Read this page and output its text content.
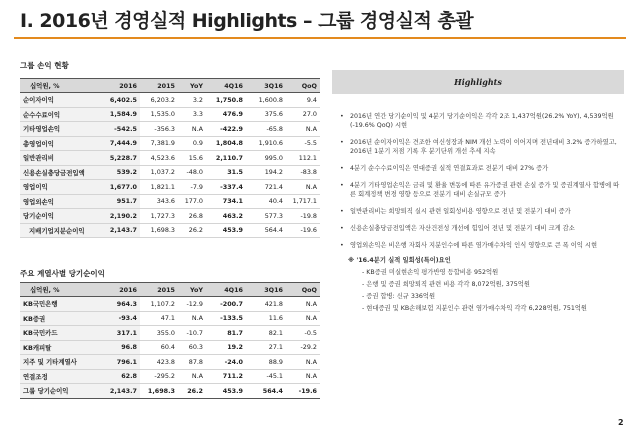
Ⅰ. 2016년 경영실적 Highlights – 그룹 경영실적 총괄
그룹 손익 현황
십억원, %	2016	2015	YoY	4Q16	3Q16	QoQ
순이자이익	6,402.5	6,203.2	3.2	1,750.8	1,600.8	9.4
순수수료이익	1,584.9	1,535.0	3.3	476.9	375.6	27.0
기타영업손익	-542.5	-356.3	N.A	-422.9	-65.8	N.A
총영업이익	7,444.9	7,381.9	0.9	1,804.8	1,910.6	-5.5
일반관리비	5,228.7	4,523.6	15.6	2,110.7	995.0	112.1
신용손실충당금전입액	539.2	1,037.2	-48.0	31.5	194.2	-83.8
영업이익	1,677.0	1,821.1	-7.9	-337.4	721.4	N.A
영업외손익	951.7	343.6	177.0	734.1	40.4	1,717.1
당기순이익	2,190.2	1,727.3	26.8	463.2	577.3	-19.8
지배기업지분순이익	2,143.7	1,698.3	26.2	453.9	564.4	-19.6
주요 계열사별 당기순이익
십억원, %	2016	2015	YoY	4Q16	3Q16	QoQ
KB국민은행	964.3	1,107.2	-12.9	-200.7	421.8	N.A
KB증권	-93.4	47.1	N.A	-133.5	11.6	N.A
KB국민카드	317.1	355.0	-10.7	81.7	82.1	-0.5
KB캐피탈	96.8	60.4	60.3	19.2	27.1	-29.2
지주 및 기타계열사	796.1	423.8	87.8	-24.0	88.9	N.A
연결조정	62.8	-295.2	N.A	711.2	-45.1	N.A
그룹 당기순이익	2,143.7	1,698.3	26.2	453.9	564.4	-19.6
Highlights
• 2016년 연간 당기순이익 및 4분기 당기순이익은 각각 2조 1,437억원(26.2% YoY), 4,539억원(-19.6% QoQ) 시현
• 2016년 순이자이익은 견조한 여신성장과 NIM 개선 노력이 이어지며 전년대비 3.2% 증가하였고, 2016년 1분기 저점 기록 후 분기단위 개선 추세 지속
• 4분기 순수수료이익은 연대증권 실적 연결효과로 전분기 대비 27% 증가
• 4분기 기타영업손익은 금리 및 환율 변동에 따른 유가증권 관련 손실 증가 및 증권계열사 합병에 따른 회계정책 변경 영향 등으로 전분기 대비 손실규모 증가
• 일반관리비는 희망퇴직 실시 관련 일회성비용 영향으로 전년 및 전분기 대비 증가
• 신용손실충당금전입액은 자산건전성 개선에 힘입어 전년 및 전분기 대비 크게 감소
• 영업외손익은 비은행 자회사 지분인수에 따른 염가매수차익 인식 영향으로 큰 폭 이익 시현
※ '16.4분기 실적 일회성(특이)요인
- KB증권 미실현손익 평가반영 등합비용 952억원
- 은행 및 증권 희망퇴직 관련 비용 각각 8,072억원, 375억원
- 증권 합병: 신규 336억원
- 현대증권 및 KB손해보험 지분인수 관련 염가매수차익 각각 6,228억원, 751억원
2
